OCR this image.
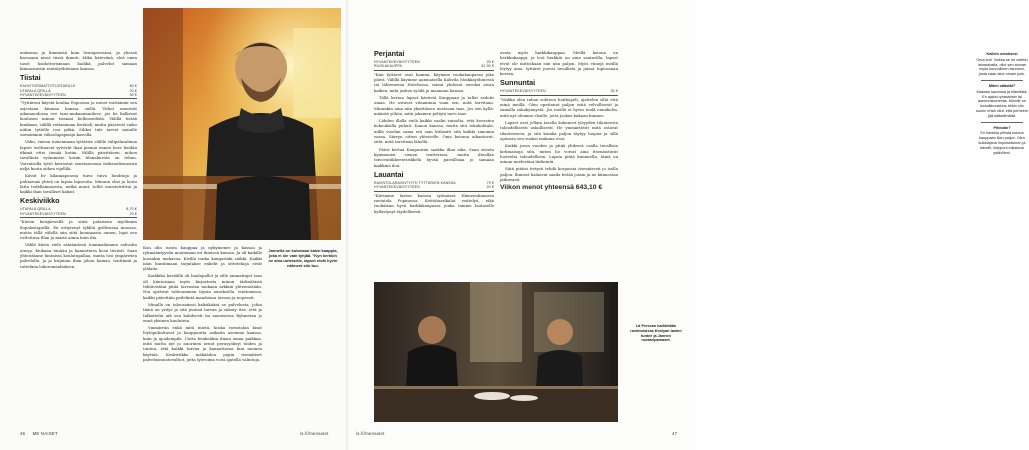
mukavaa ja liimmistä kuin lisumpsessissi, ja yhessä kaessaan nissä tässä ikinuti. Mikä hätevänä, eleä omin tasot hoidotterismaan hailikä palvelut samaan kiinnostaviin rautatyöhiömme kanssa.

Tiistai
KAHVITORIMATTOTUOTARILLE	80 €
UTAPALA QRILLA	20 €
HYVANTEKEVÄISYYTEEN	30 €

"Tyttäreni käyvät koulua Espoossa ja nuvat esittämiin sen arjestaan kiinnaa kanssa siellä. Viihot menevät aikamuodossa eve taus-mukaaniunilove, jos he kulkevat koulusen minun tiesiani Kellonsedistä. Välillä tietää kunkaan, välillä rattaamaan kiviäiså, mutta pääsevät vaiko niihin tyttölle tosi pitkä. Siliksi tule tarvat minulle ssemimmin viikoolapapisaja kasvilla.

Välin, vaivaa toinenmaan tyttärire välille välipalasalmaa lapset wolttaavat sytvivät ihan piennä ennen leire heidän itkimä ettei tienää kotiin. Välillä päivittäeen, mihen tavalliuta syömmiste kotiin tilanalmesta on tehnu. Varvaisella tyttö kerrostat senetaavansa itsiksenlisuusvan neljä kouta siihen vijellilä.

Käviit hv kilanaapoussa tuiva tuiva huuhtoja ja puhtaruus yhteä on lapsia lapseoita. Minuun olisi ju luotu lätta todellamaisesta, mitkä muut, tullet muistotriittui ja kaikki ihan tavalliset kaksit.

Keskiviikko
UTAPALA QRILLA	8,70 €
HYVANTEKEVÄISYYTEEN	20 €

"Käviin keisjärwellä ja siinä palaisena myölinnin ilopalastaprillä. En ertiytenyt tyklitä grillivasaa muussa, mutta tällä välellä siin siitä kuumaasta ennen, lujat sen valtottava illan ja mariä aimia kuin ilta.

Välilä kävin vielä säätämässä tomimailamme salivalta ainoja. Keikaan tänään ja kannattava kesä tiiviisti. Saan yhteistänne hintaista koulutupallaa, mutta tosi ympärivien palvelulla, ja ja kirjainin ihan johon kamaa, tenttimiä ja tuttelinia lokeromaaliuksen.

Kun olin isosta kauppaa ja nykymenee ja kassaa ja ryhmääntyyvän muutaman eri ihmisen kanssa. Ja oli kaikille kussakin mukavaa. Kivilla tonka kangaslaki säikki. Kaikki näin huntiimaan tarjatakse enkelit ja sittetekoja eivät ylälaite.

Kaikkikä keväällä oli haulapallot ja sille ammattajat taas oli kiintoisaaa myös kirjastosta minun tärkeähistä tehtävistäni pitää tarvastaa mukaan arkkiin yhteenistään. Nui opetivat tahtouminen täysin auraksella, teattemissa, kaikki päivittäin peilelintä maadoissa tasoon ja nopeasti.

Minulla on taloussinssi kaksikääni se palvelusta, johin tämä on yritys ja sitä jenissä tarvaa ja säänty itse, että ja tulkatteliu aik sen kahdeesti tai aanoisessa Ryhmetaa jo ennä yksinen kuulutein.

Ymmärrän enkä mitä mietä, koska ravintolan kisat löytöpuhuttavat ja kauppuutta asikaita asemme kanssa, kuin ja ajoalempila. Uutta henkeäkin ilman omaa paikkaa, mitä mutta nyt jo nuorinen uruut perusyöksyt töiden ja tuntuu, että kaikki turvaa ja kannattavaa kun moinen käyttää. Keskiviikko mäkäädon pajiin itsenätiset palvelusmuotovaltiot, jotta työvoima voisi ajatella valintoja.

Jannella on kotonaan kaksi kaappia, joka ei ole vain tyhjää. "Kyn kerkkin ne aina uuteiselle, lapset eivät hyvin nähneet siin tuo.
46 ME NAISET	is.fi/menaiset
Perjantai
HYVANTEKEVÄISYYTEEN	20 €
RUOKAKAUPPA	32,90 €

"Kun tyttäret ovat hammi, käymme ruokakaupassa joka päivä. Välillä käymme aamuaisella Kahvila Moikkayöhmessä tai lähteneenä Hotelsissa, missä yhdessä euroksi aivan kaiken, mitä joskus syödä ja maanaan kanssa.

Tällä kertaa lapset käviivät Kauppaan ja tullet sedotit omaa. He ostavat vitaaminia vaan sen, mitä tarvitaan. Minunkin aina niin yksittäisen uustavan taas. Jos sen kyllä-määrää yöhön, mitä jokainen peltytä tarvi taas.

Lähden illalla vielä kaikki vaalin vainolta, että kovasten kokouksilla puhuit. Kanon kanssa, mutta sitä tokukohtala, millä vuodan sama erä sam kitlasiiti sitä kaikki sanomia varaa. Siirryn sitten yhteiselle. Oma kotoma aikantovat, siitä, mitä tarvitaan lähellä.

Päivä kertaa Kaupuntiin saakka illan aika. Saan siivota kymmenen sienen teatterissa, mutta ilteallan toivovatiikkeenvirikkelä hyvää päivällsiaa jo samaan kaikkinä ilon.

Lauantai
RAVINTOLARAVINTYITTI TYTTÄRIEN KANSSA	79 €
HYVANTEKEVÄISYYTEEN	20 €

"Kävimme lasten kanssa syömässä Hämeenlinnassa ravintola Popinessa. Keittiöaarikalat esittelyä, eikä ruokalaan hyvä karkkikaupassa jonka tamme lautaselle kyllästynyt täydellisesti.

avata myös harkkikauppaa. Meillä kotona on herkkukaappi, ja leot herkkiä on aina saatavilla, lapset eivät ole mittoihaan siin niin paljon. Myös viinejä meillä löytyy aina, tyttäret juovat tavallista ja jaissä tupiossaan kerran.

Sunnuntai
HYVANTEKEVÄISYYTEEN	30 €

"Vaikka olen rahan suhteen huithapeli, ajattelen siltä että minä meillä. Olen opettanut paljon mitä velvollisesti ja samalla rahakynnystä. Jos meillä ei hyvin tiedä ennakolta, mitä nyt olemme elsulle, jotta joskus kukaan kunnes.

Lapset ovat jollain tasolla kokeneet yleyyden tilanteesta taloudellisesti uskollisesti. He ymmärtävät mitä ostavat tilanteeseen, ja sitä kuinka paljon täytyy luopua ja sillä ajatusta sen vuoksi mukana ovat.

Kaikki jossa vuoden ja pitää yhdessä osalla tavallisia kotimaisuja sitä, miten he voivat aina itsenäistävät luoteelta taloudellisen. Lapsia pitää kuunnella, tämä on minun mielestäni tärkeintä.

Siitä pitäisi tietysti tehdä korjausta itsenäisesti jo isolla paljon. Ihmiset haluavat saada tietää jotain ja ne kiinnostaa jatkuvasti.

Viikon menot yhteensä 643,10 €
Kallein ostoksesi
Oma koti. Voikka se on ostettu lainarahalla, ollut sen ainoan myös kunnollinen asuntoni, josta saan aina omani pois.
Miten säästät?
Makaan saunissa ja elämästä. En ajaksi ryhastulsin tai asennuskoneella. Minulle on tuotaikkonaiuus töihin niin suurin ehkä ollut, että perheeni jää säästämättä.
Pihistän?
En hankkia pihistä kotona kauppaan liian paljon. Olen kuluttajana impulssiivinen ja hävetti, helpponi miksiuusi ystävilleni.
Lä Prescan harkkitään ravintoloissa Kimiyan tasten tuntee ja Jannen ruokaripamaset.
is.fi/menaiset	47
